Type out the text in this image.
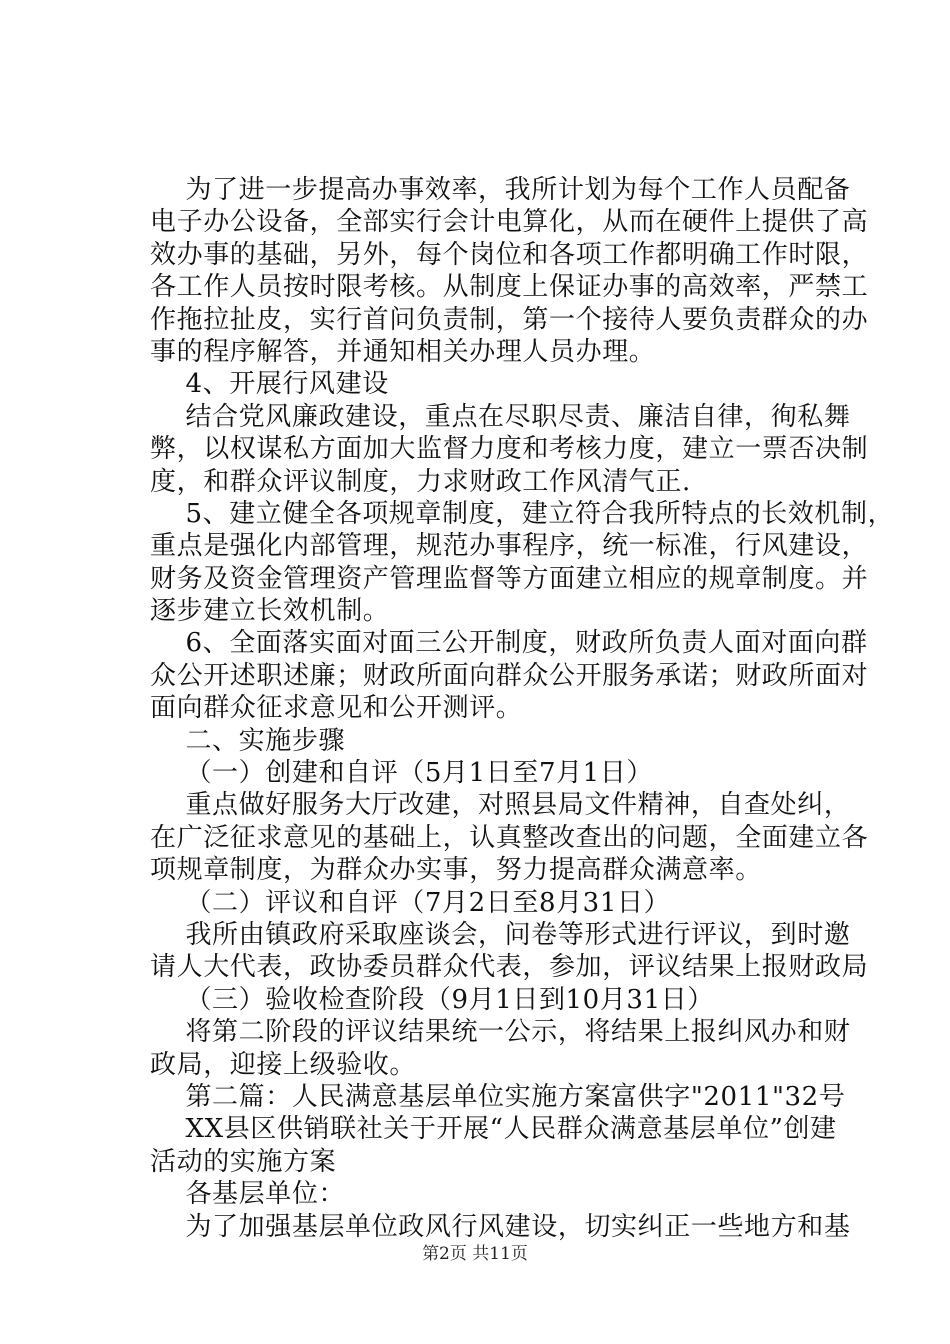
为了进一步提高办事效率，我所计划为每个工作人员配备
电子办公设备，全部实行会计电算化，从而在硬件上提供了高
效办事的基础，另外，每个岗位和各项工作都明确工作时限，
各工作人员按时限考核。从制度上保证办事的高效率，严禁工
作拖拉扯皮，实行首问负责制，第一个接待人要负责群众的办
事的程序解答，并通知相关办理人员办理。
4、开展行风建设
结合党风廉政建设，重点在尽职尽责、廉洁自律，徇私舞
弊，以权谋私方面加大监督力度和考核力度，建立一票否决制
度，和群众评议制度，力求财政工作风清气正.
5、建立健全各项规章制度，建立符合我所特点的长效机制，
重点是强化内部管理，规范办事程序，统一标准，行风建设，
财务及资金管理资产管理监督等方面建立相应的规章制度。并
逐步建立长效机制。
6、全面落实面对面三公开制度，财政所负责人面对面向群
众公开述职述廉；财政所面向群众公开服务承诺；财政所面对
面向群众征求意见和公开测评。
二、实施步骤
（一）创建和自评（5月1日至7月1日）
重点做好服务大厅改建，对照县局文件精神，自查处纠，
在广泛征求意见的基础上，认真整改查出的问题，全面建立各
项规章制度，为群众办实事，努力提高群众满意率。
（二）评议和自评（7月2日至8月31日）
我所由镇政府采取座谈会，问卷等形式进行评议，到时邀
请人大代表，政协委员群众代表，参加，评议结果上报财政局
（三）验收检查阶段（9月1日到10月31日）
将第二阶段的评议结果统一公示，将结果上报纠风办和财
政局，迎接上级验收。
第二篇：人民满意基层单位实施方案富供字"2011"32号
XX县区供销联社关于开展“人民群众满意基层单位”创建
活动的实施方案
各基层单位：
为了加强基层单位政风行风建设，切实纠正一些地方和基
第2页 共11页
